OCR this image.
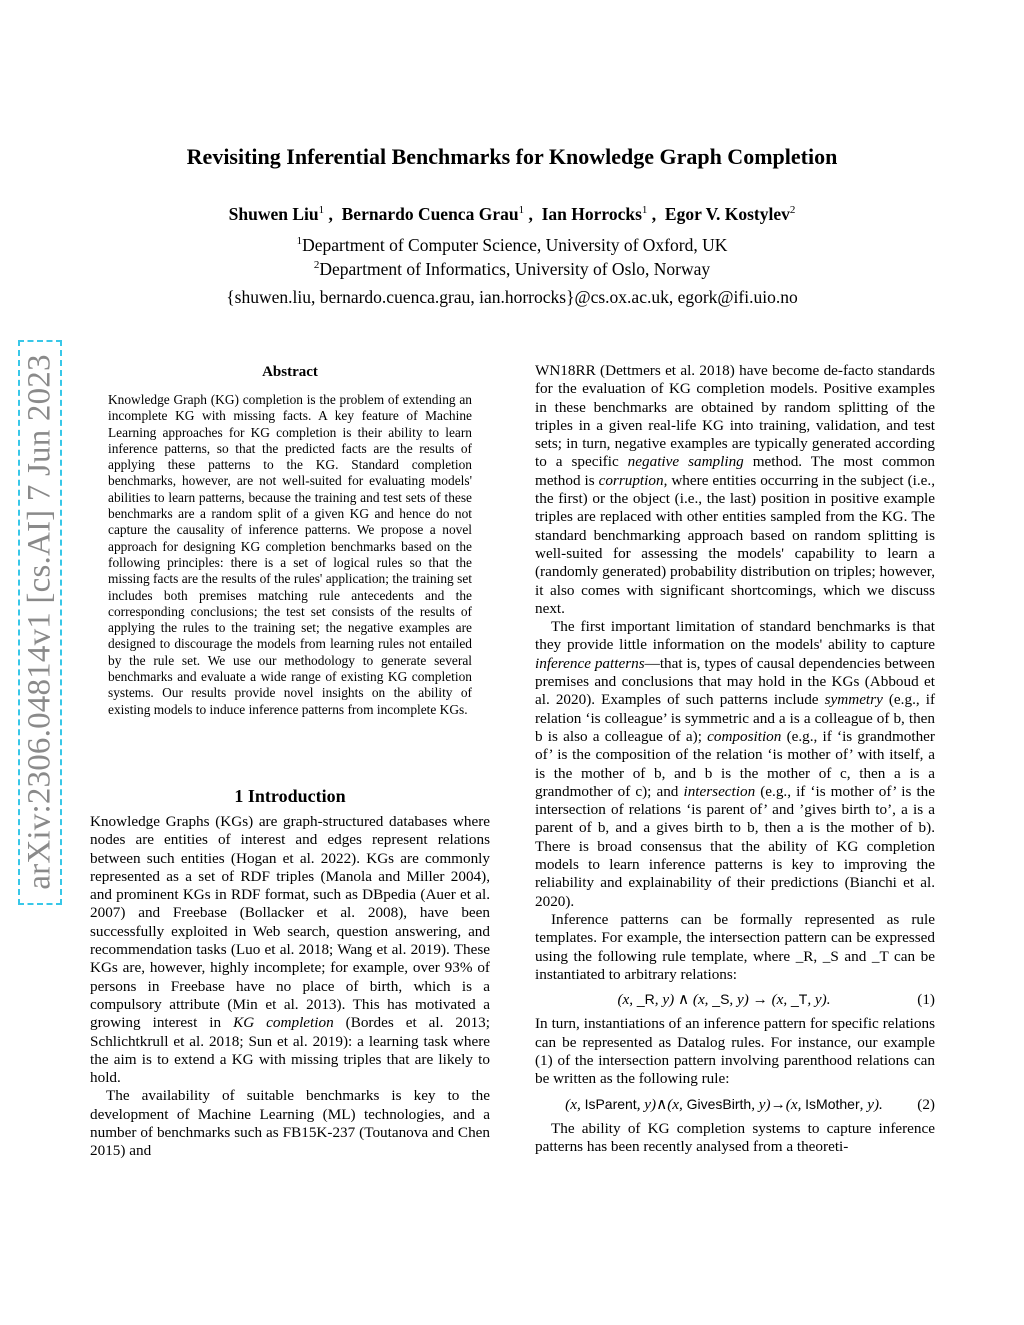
arXiv:2306.04814v1 [cs.AI] 7 Jun 2023
Revisiting Inferential Benchmarks for Knowledge Graph Completion
Shuwen Liu$^1$ ,  Bernardo Cuenca Grau$^1$ ,  Ian Horrocks$^1$ ,  Egor V. Kostylev$^2$
$^1$Department of Computer Science, University of Oxford, UK
$^2$Department of Informatics, University of Oslo, Norway
{shuwen.liu, bernardo.cuenca.grau, ian.horrocks}@cs.ox.ac.uk, egork@ifi.uio.no
Abstract
Knowledge Graph (KG) completion is the problem of extending an incomplete KG with missing facts. A key feature of Machine Learning approaches for KG completion is their ability to learn inference patterns, so that the predicted facts are the results of applying these patterns to the KG. Standard completion benchmarks, however, are not well-suited for evaluating models' abilities to learn patterns, because the training and test sets of these benchmarks are a random split of a given KG and hence do not capture the causality of inference patterns. We propose a novel approach for designing KG completion benchmarks based on the following principles: there is a set of logical rules so that the missing facts are the results of the rules' application; the training set includes both premises matching rule antecedents and the corresponding conclusions; the test set consists of the results of applying the rules to the training set; the negative examples are designed to discourage the models from learning rules not entailed by the rule set. We use our methodology to generate several benchmarks and evaluate a wide range of existing KG completion systems. Our results provide novel insights on the ability of existing models to induce inference patterns from incomplete KGs.
1 Introduction

Knowledge Graphs (KGs) are graph-structured databases where nodes are entities of interest and edges represent relations between such entities (Hogan et al. 2022). KGs are commonly represented as a set of RDF triples (Manola and Miller 2004), and prominent KGs in RDF format, such as DBpedia (Auer et al. 2007) and Freebase (Bollacker et al. 2008), have been successfully exploited in Web search, question answering, and recommendation tasks (Luo et al. 2018; Wang et al. 2019). These KGs are, however, highly incomplete; for example, over 93% of persons in Freebase have no place of birth, which is a compulsory attribute (Min et al. 2013). This has motivated a growing interest in KG completion (Bordes et al. 2013; Schlichtkrull et al. 2018; Sun et al. 2019): a learning task where the aim is to extend a KG with missing triples that are likely to hold.

The availability of suitable benchmarks is key to the development of Machine Learning (ML) technologies, and a number of benchmarks such as FB15K-237 (Toutanova and Chen 2015) and

WN18RR (Dettmers et al. 2018) have become de-facto standards for the evaluation of KG completion models. Positive examples in these benchmarks are obtained by random splitting of the triples in a given real-life KG into training, validation, and test sets; in turn, negative examples are typically generated according to a specific negative sampling method. The most common method is corruption, where entities occurring in the subject (i.e., the first) or the object (i.e., the last) position in positive example triples are replaced with other entities sampled from the KG. The standard benchmarking approach based on random splitting is well-suited for assessing the models' capability to learn a (randomly generated) probability distribution on triples; however, it also comes with significant shortcomings, which we discuss next.

The first important limitation of standard benchmarks is that they provide little information on the models' ability to capture inference patterns—that is, types of causal dependencies between premises and conclusions that may hold in the KGs (Abboud et al. 2020). Examples of such patterns include symmetry (e.g., if relation ‘is colleague’ is symmetric and a is a colleague of b, then b is also a colleague of a); composition (e.g., if ‘is grandmother of’ is the composition of the relation ‘is mother of’ with itself, a is the mother of b, and b is the mother of c, then a is a grandmother of c); and intersection (e.g., if ‘is mother of’ is the intersection of relations ‘is parent of’ and ’gives birth to’, a is a parent of b, and a gives birth to b, then a is the mother of b). There is broad consensus that the ability of KG completion models to learn inference patterns is key to improving the reliability and explainability of their predictions (Bianchi et al. 2020).

Inference patterns can be formally represented as rule templates. For example, the intersection pattern can be expressed using the following rule template, where _R, _S and _T can be instantiated to arbitrary relations:

(x, _R, y) ∧ (x, _S, y) → (x, _T, y).	(1)

In turn, instantiations of an inference pattern for specific relations can be represented as Datalog rules. For instance, our example (1) of the intersection pattern involving parenthood relations can be written as the following rule:

(x, IsParent, y)∧(x, GivesBirth, y)→(x, IsMother, y).	(2)

The ability of KG completion systems to capture inference patterns has been recently analysed from a theoreti-
